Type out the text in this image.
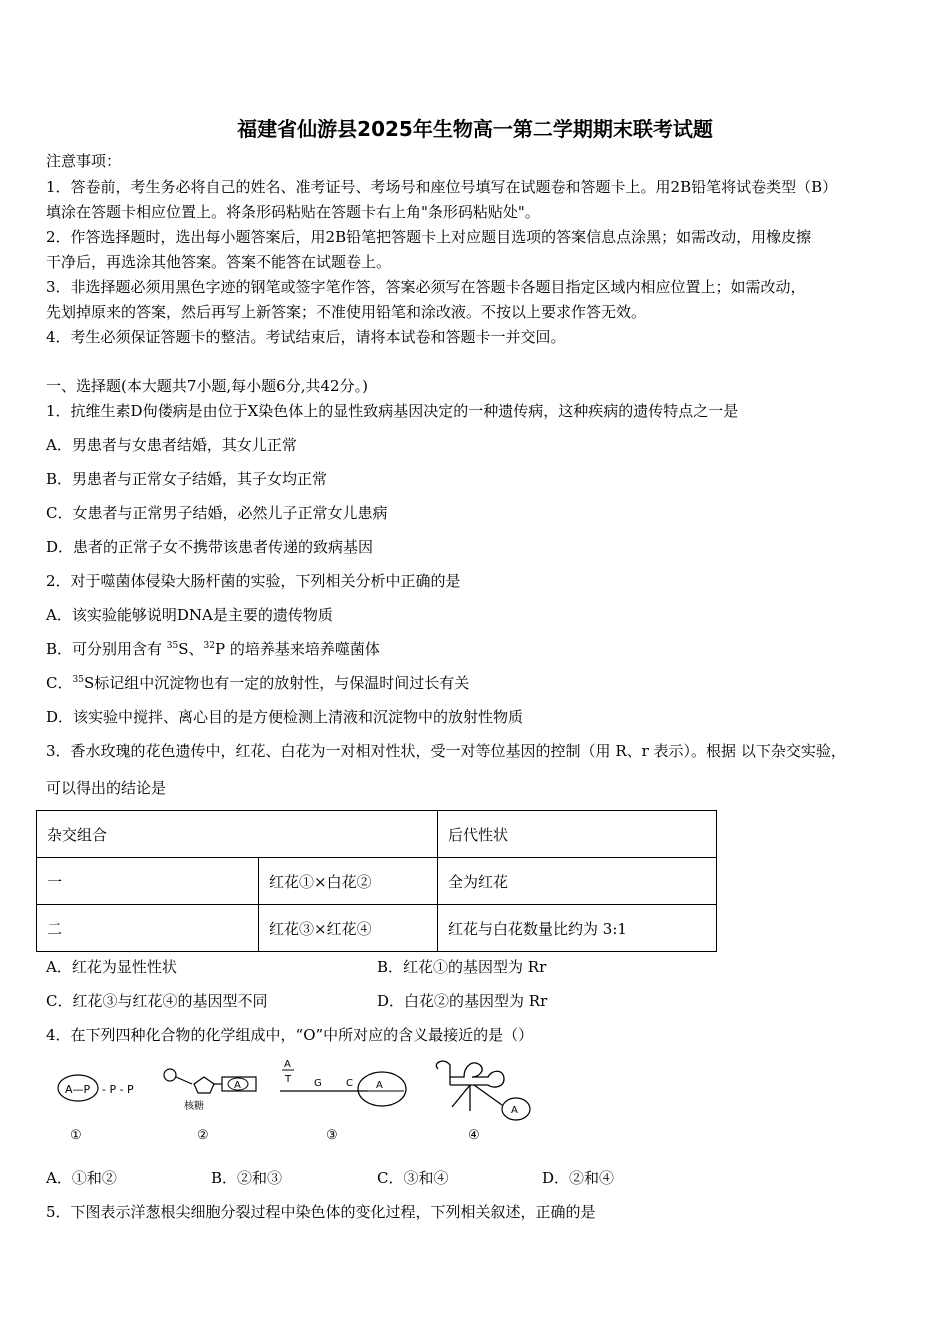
福建省仙游县2025年生物高一第二学期期末联考试题
注意事项：
1．答卷前，考生务必将自己的姓名、准考证号、考场号和座位号填写在试题卷和答题卡上。用2B铅笔将试卷类型（B）
填涂在答题卡相应位置上。将条形码粘贴在答题卡右上角"条形码粘贴处"。
2．作答选择题时，选出每小题答案后，用2B铅笔把答题卡上对应题目选项的答案信息点涂黑；如需改动，用橡皮擦
干净后，再选涂其他答案。答案不能答在试题卷上。
3．非选择题必须用黑色字迹的钢笔或签字笔作答，答案必须写在答题卡各题目指定区域内相应位置上；如需改动，
先划掉原来的答案，然后再写上新答案；不准使用铅笔和涂改液。不按以上要求作答无效。
4．考生必须保证答题卡的整洁。考试结束后，请将本试卷和答题卡一并交回。
一、选择题(本大题共7小题,每小题6分,共42分。)
1．抗维生素D佝偻病是由位于X染色体上的显性致病基因决定的一种遗传病，这种疾病的遗传特点之一是
A．男患者与女患者结婚，其女儿正常
B．男患者与正常女子结婚，其子女均正常
C．女患者与正常男子结婚，必然儿子正常女儿患病
D．患者的正常子女不携带该患者传递的致病基因
2．对于噬菌体侵染大肠杆菌的实验，下列相关分析中正确的是
A．该实验能够说明DNA是主要的遗传物质
B．可分别用含有 $^{35}$S、$^{32}$P 的培养基来培养噬菌体
C．$^{35}$S标记组中沉淀物也有一定的放射性，与保温时间过长有关
D．该实验中搅拌、离心目的是方便检测上清液和沉淀物中的放射性物质
3．香水玫瑰的花色遗传中，红花、白花为一对相对性状，受一对等位基因的控制（用 R、r 表示）。根据 以下杂交实验，
可以得出的结论是
杂交组合		后代性状
一	红花①×白花②	全为红花
二	红花③×红花④	红花与白花数量比约为 3:1
A．红花为显性性状	B．红花①的基因型为 Rr
C．红花③与红花④的基因型不同	D．白花②的基因型为 Rr
4．在下列四种化合物的化学组成中，“O”中所对应的含义最接近的是（）
A—P - P - P	A
核糖
A
T G C A
A
①	②	③	④
A．①和②	B．②和③	C．③和④	D．②和④
5．下图表示洋葱根尖细胞分裂过程中染色体的变化过程，下列相关叙述，正确的是
